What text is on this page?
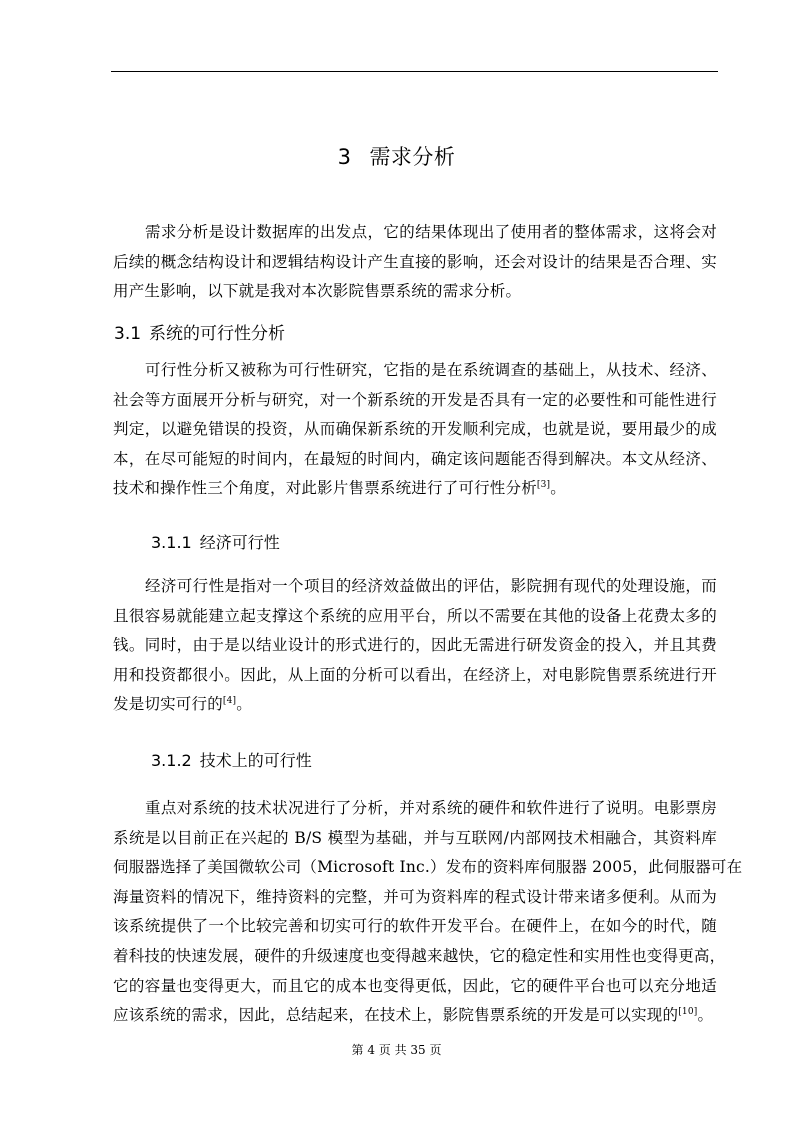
3 需求分析
需求分析是设计数据库的出发点，它的结果体现出了使用者的整体需求，这将会对
后续的概念结构设计和逻辑结构设计产生直接的影响，还会对设计的结果是否合理、实
用产生影响，以下就是我对本次影院售票系统的需求分析。
3.1 系统的可行性分析
可行性分析又被称为可行性研究，它指的是在系统调查的基础上，从技术、经济、
社会等方面展开分析与研究，对一个新系统的开发是否具有一定的必要性和可能性进行
判定，以避免错误的投资，从而确保新系统的开发顺利完成，也就是说，要用最少的成
本，在尽可能短的时间内，在最短的时间内，确定该问题能否得到解决。本文从经济、
技术和操作性三个角度，对此影片售票系统进行了可行性分析[3]。
3.1.1 经济可行性
经济可行性是指对一个项目的经济效益做出的评估，影院拥有现代的处理设施，而
且很容易就能建立起支撑这个系统的应用平台，所以不需要在其他的设备上花费太多的
钱。同时，由于是以结业设计的形式进行的，因此无需进行研发资金的投入，并且其费
用和投资都很小。因此，从上面的分析可以看出，在经济上，对电影院售票系统进行开
发是切实可行的[4]。
3.1.2 技术上的可行性
重点对系统的技术状况进行了分析，并对系统的硬件和软件进行了说明。电影票房
系统是以目前正在兴起的 B/S 模型为基础，并与互联网/内部网技术相融合，其资料库
伺服器选择了美国微软公司（Microsoft Inc.）发布的资料库伺服器 2005，此伺服器可在
海量资料的情况下，维持资料的完整，并可为资料库的程式设计带来诸多便利。从而为
该系统提供了一个比较完善和切实可行的软件开发平台。在硬件上，在如今的时代，随
着科技的快速发展，硬件的升级速度也变得越来越快，它的稳定性和实用性也变得更高，
它的容量也变得更大，而且它的成本也变得更低，因此，它的硬件平台也可以充分地适
应该系统的需求，因此，总结起来，在技术上，影院售票系统的开发是可以实现的[10]。
第 4 页 共 35 页
